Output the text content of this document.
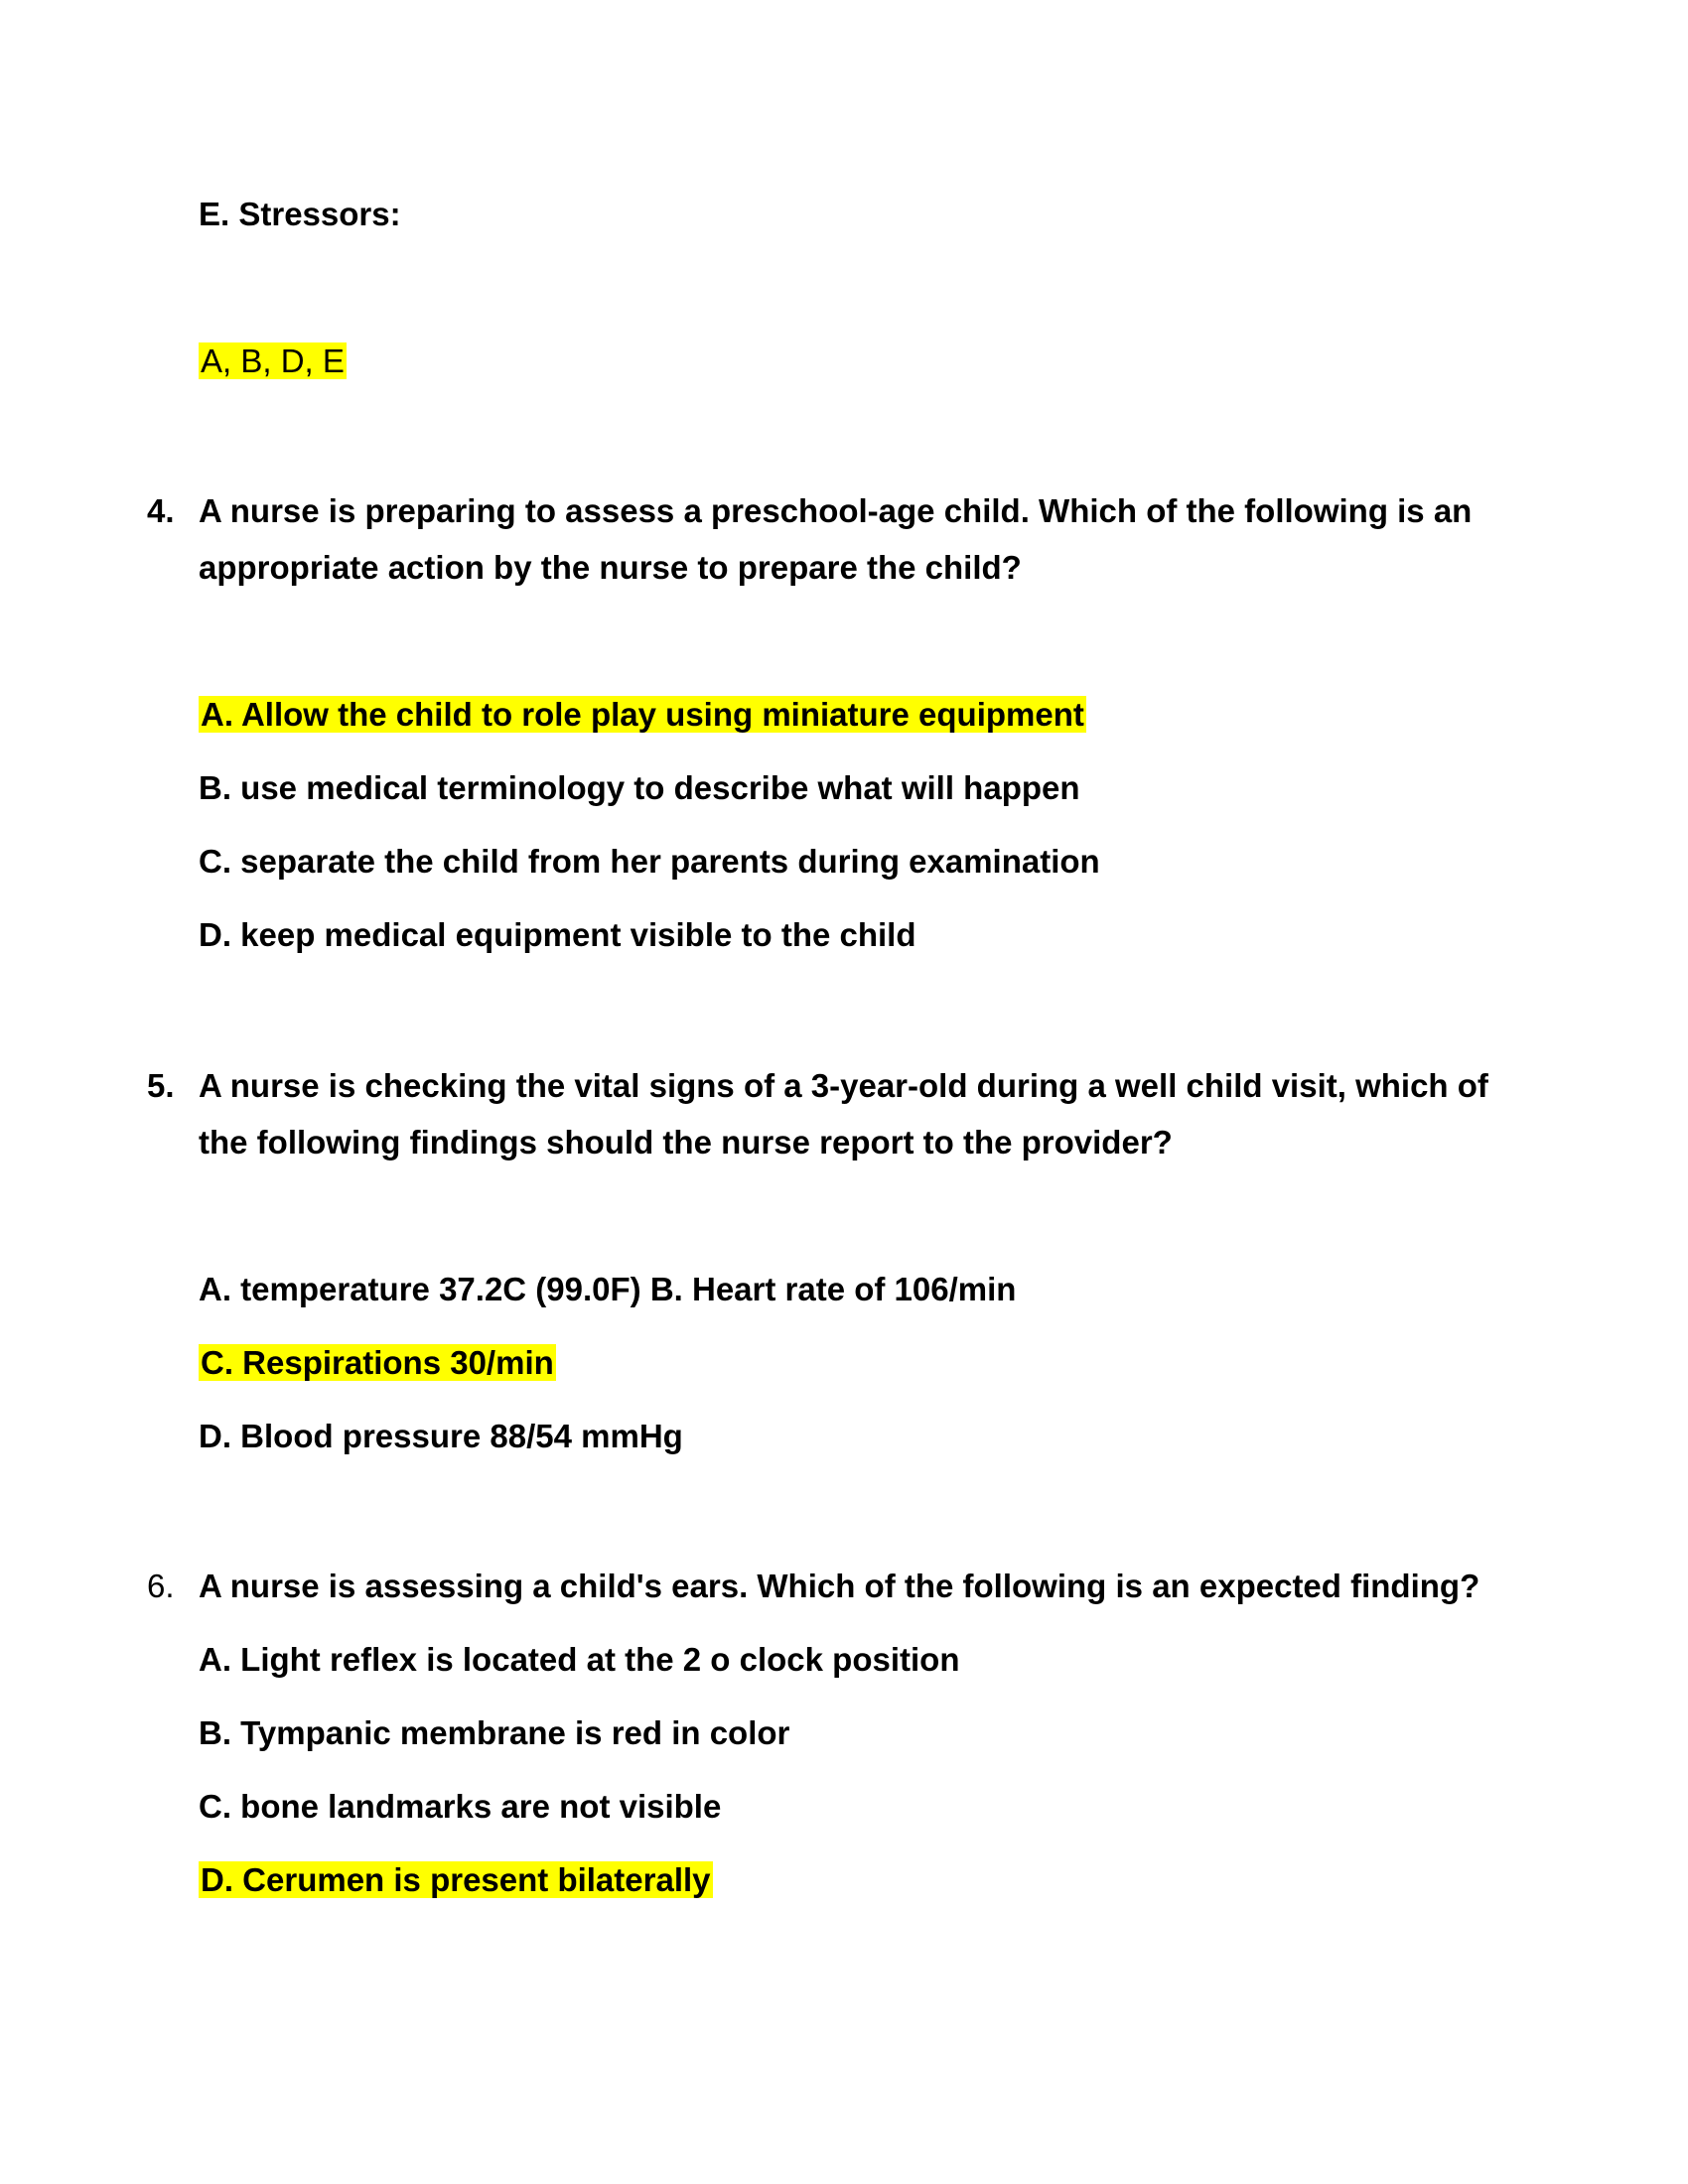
E. Stressors:
A, B, D, E
4. A nurse is preparing to assess a preschool-age child. Which of the following is an
appropriate action by the nurse to prepare the child?
A. Allow the child to role play using miniature equipment
B. use medical terminology to describe what will happen
C. separate the child from her parents during examination
D. keep medical equipment visible to the child
5. A nurse is checking the vital signs of a 3-year-old during a well child visit, which of
the following findings should the nurse report to the provider?
A. temperature 37.2C (99.0F) B. Heart rate of 106/min
C. Respirations 30/min
D. Blood pressure 88/54 mmHg
6. A nurse is assessing a child's ears. Which of the following is an expected finding?
A. Light reflex is located at the 2 o clock position
B. Tympanic membrane is red in color
C. bone landmarks are not visible
D. Cerumen is present bilaterally
